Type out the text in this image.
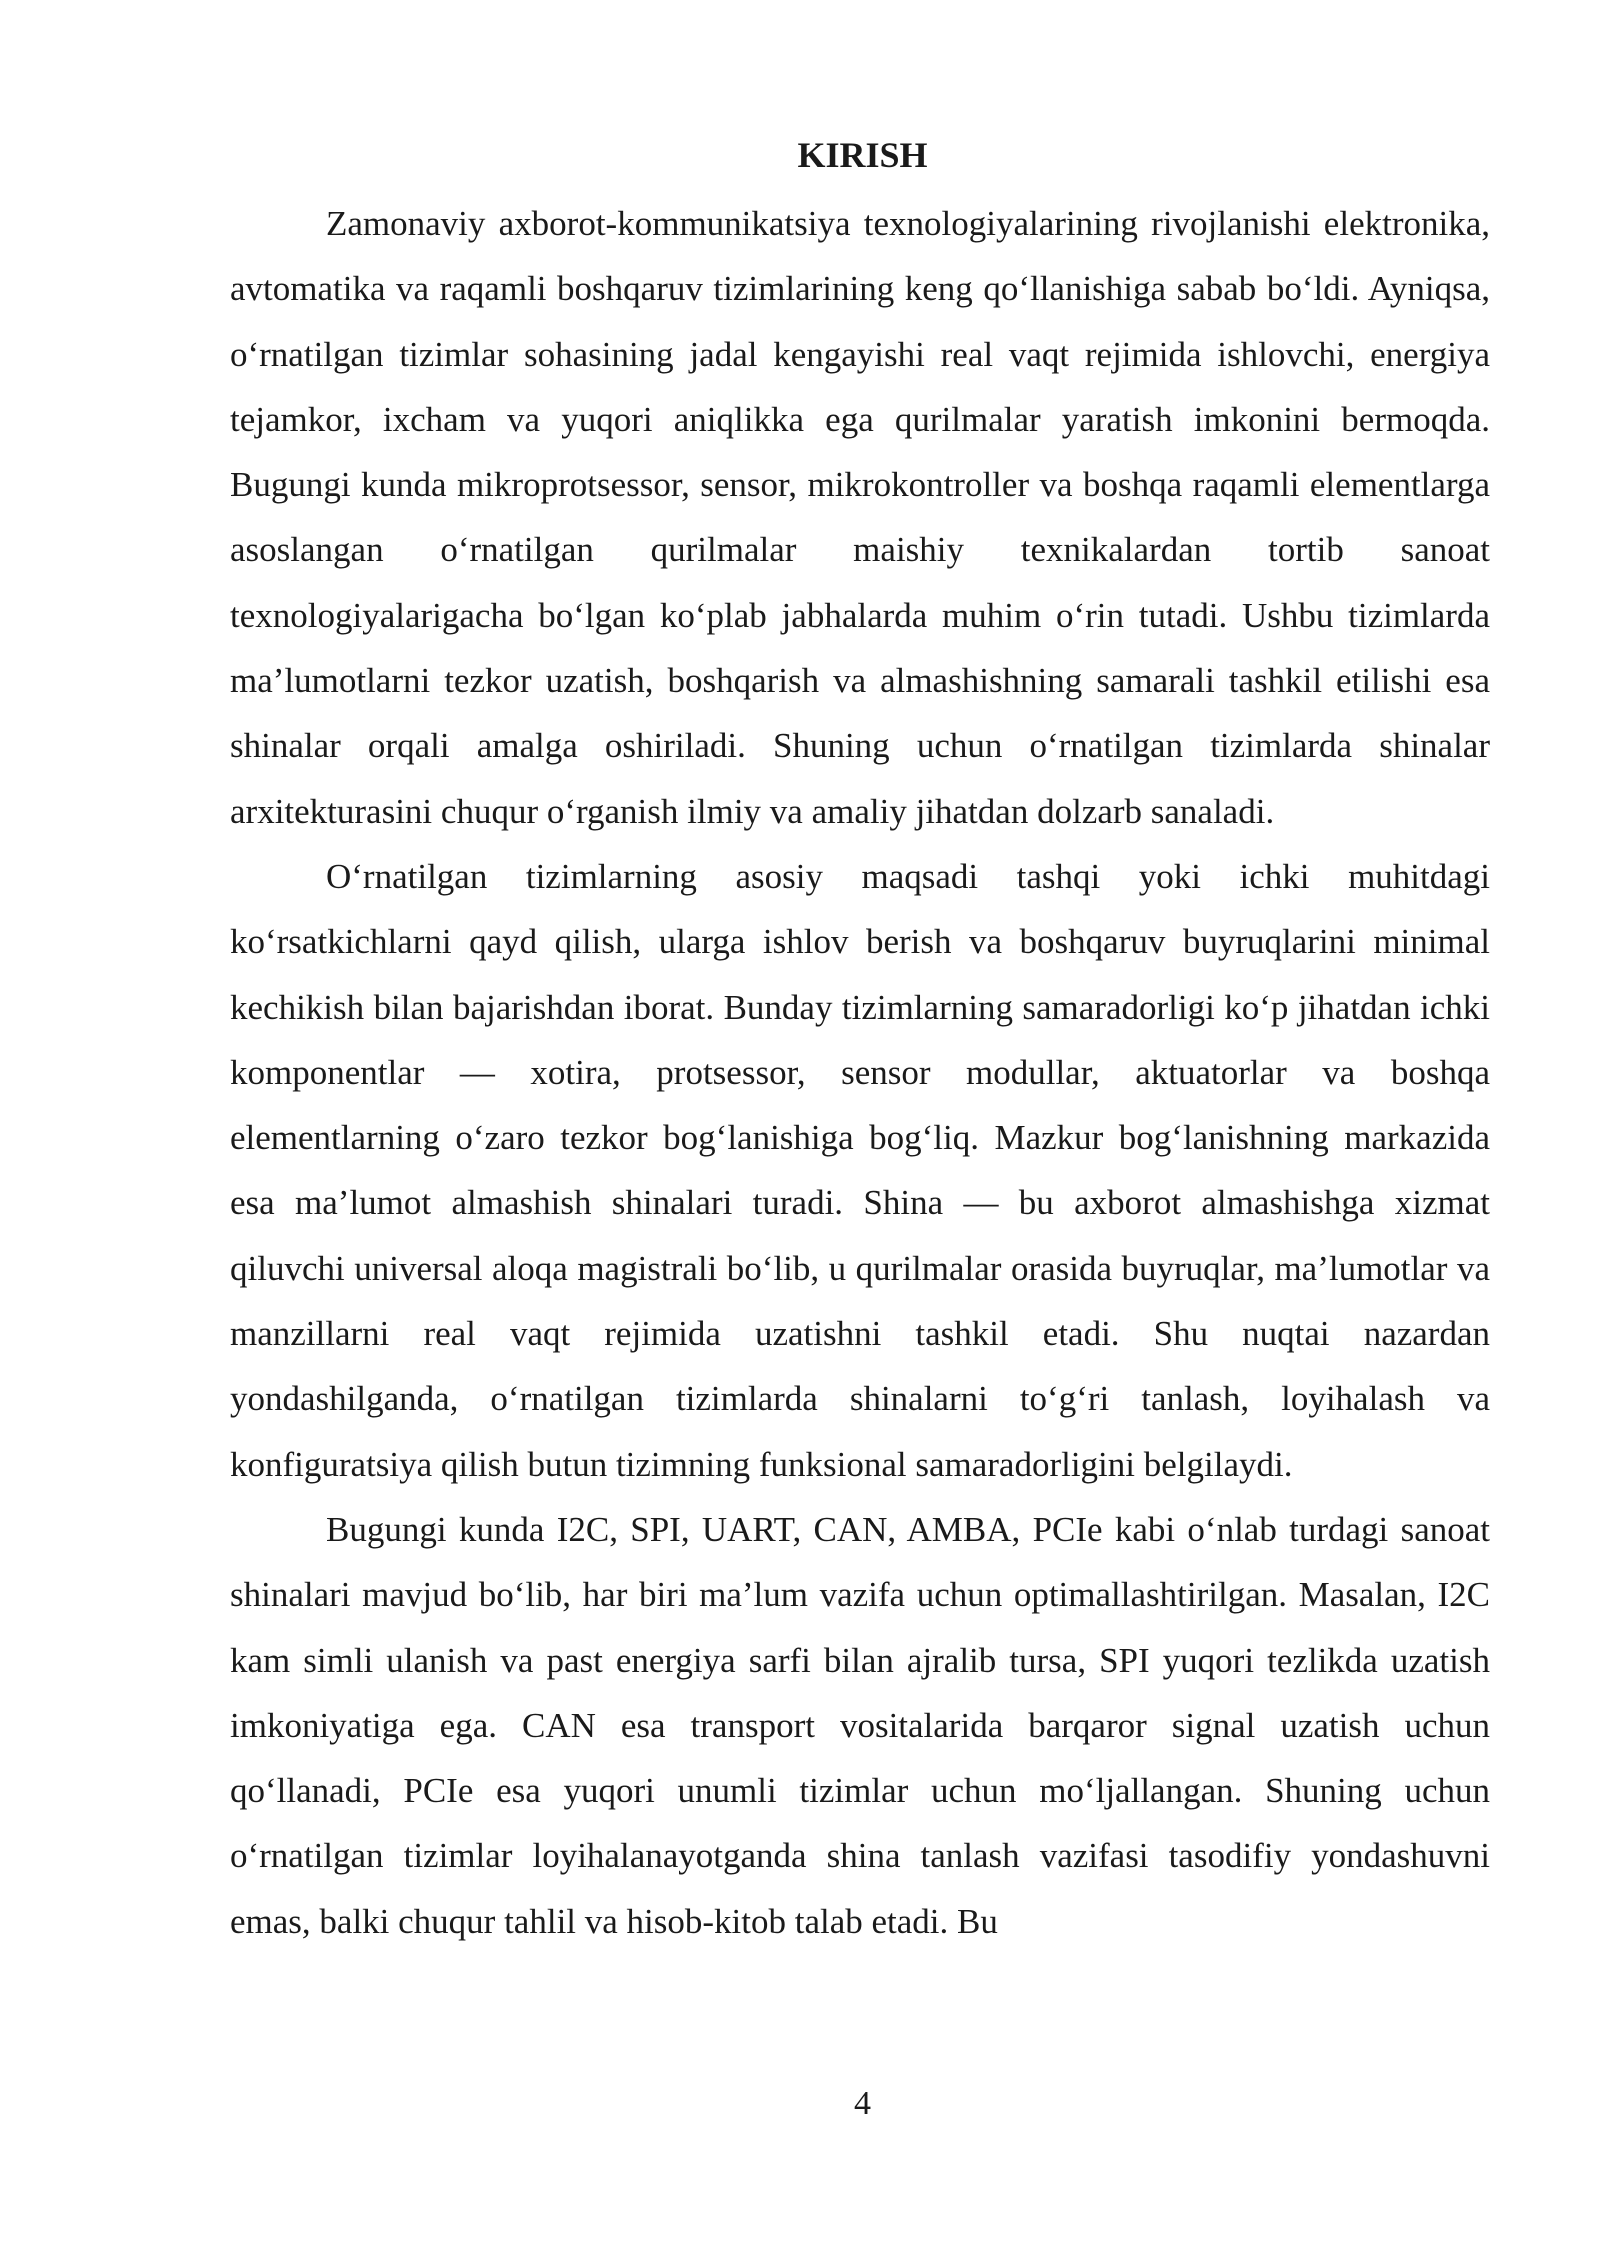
KIRISH

Zamonaviy axborot-kommunikatsiya texnologiyalarining rivojlanishi elektronika, avtomatika va raqamli boshqaruv tizimlarining keng qo‘llanishiga sabab bo‘ldi. Ayniqsa, o‘rnatilgan tizimlar sohasining jadal kengayishi real vaqt rejimida ishlovchi, energiya tejamkor, ixcham va yuqori aniqlikka ega qurilmalar yaratish imkonini bermoqda. Bugungi kunda mikroprotsessor, sensor, mikrokontroller va boshqa raqamli elementlarga asoslangan o‘rnatilgan qurilmalar maishiy texnikalardan tortib sanoat texnologiyalarigacha bo‘lgan ko‘plab jabhalarda muhim o‘rin tutadi. Ushbu tizimlarda ma’lumotlarni tezkor uzatish, boshqarish va almashishning samarali tashkil etilishi esa shinalar orqali amalga oshiriladi. Shuning uchun o‘rnatilgan tizimlarda shinalar arxitekturasini chuqur o‘rganish ilmiy va amaliy jihatdan dolzarb sanaladi.

O‘rnatilgan tizimlarning asosiy maqsadi tashqi yoki ichki muhitdagi ko‘rsatkichlarni qayd qilish, ularga ishlov berish va boshqaruv buyruqlarini minimal kechikish bilan bajarishdan iborat. Bunday tizimlarning samaradorligi ko‘p jihatdan ichki komponentlar — xotira, protsessor, sensor modullar, aktuatorlar va boshqa elementlarning o‘zaro tezkor bog‘lanishiga bog‘liq. Mazkur bog‘lanishning markazida esa ma’lumot almashish shinalari turadi. Shina — bu axborot almashishga xizmat qiluvchi universal aloqa magistrali bo‘lib, u qurilmalar orasida buyruqlar, ma’lumotlar va manzillarni real vaqt rejimida uzatishni tashkil etadi. Shu nuqtai nazardan yondashilganda, o‘rnatilgan tizimlarda shinalarni to‘g‘ri tanlash, loyihalash va konfiguratsiya qilish butun tizimning funksional samaradorligini belgilaydi.

Bugungi kunda I2C, SPI, UART, CAN, AMBA, PCIe kabi o‘nlab turdagi sanoat shinalari mavjud bo‘lib, har biri ma’lum vazifa uchun optimallashtirilgan. Masalan, I2C kam simli ulanish va past energiya sarfi bilan ajralib tursa, SPI yuqori tezlikda uzatish imkoniyatiga ega. CAN esa transport vositalarida barqaror signal uzatish uchun qo‘llanadi, PCIe esa yuqori unumli tizimlar uchun mo‘ljallangan. Shuning uchun o‘rnatilgan tizimlar loyihalanayotganda shina tanlash vazifasi tasodifiy yondashuvni emas, balki chuqur tahlil va hisob-kitob talab etadi. Bu

4
